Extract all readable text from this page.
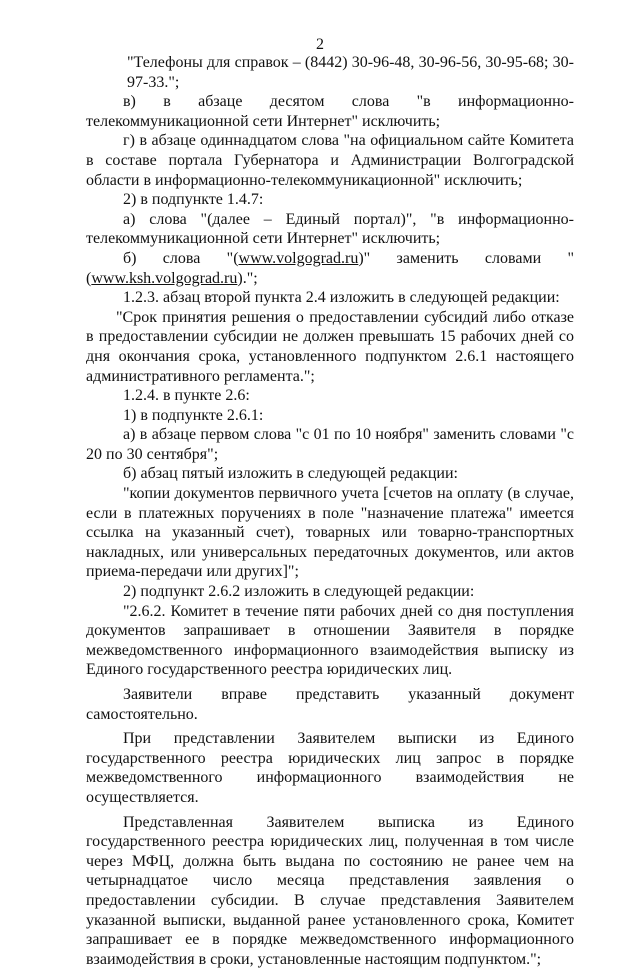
2

"Телефоны для справок – (8442) 30-96-48, 30-96-56, 30-95-68; 30-97-33.";

в) в абзаце десятом слова "в информационно-телекоммуникационной сети Интернет" исключить;

г) в абзаце одиннадцатом слова "на официальном сайте Комитета в составе портала Губернатора и Администрации Волгоградской области в информационно-телекоммуникационной" исключить;

2) в подпункте 1.4.7:

а) слова "(далее – Единый портал)", "в информационно-телекоммуникационной сети Интернет" исключить;

б) слова "(www.volgograd.ru)" заменить словами "(www.ksh.volgograd.ru).";

1.2.3. абзац второй пункта 2.4 изложить в следующей редакции:

"Срок принятия решения о предоставлении субсидий либо отказе в предоставлении субсидии не должен превышать 15 рабочих дней со дня окончания срока, установленного подпунктом 2.6.1 настоящего административного регламента.";

1.2.4. в пункте 2.6:

1) в подпункте 2.6.1:

а) в абзаце первом слова "с 01 по 10 ноября" заменить словами "с 20 по 30 сентября";

б) абзац пятый изложить в следующей редакции:

"копии документов первичного учета [счетов на оплату (в случае, если в платежных поручениях в поле "назначение платежа" имеется ссылка на указанный счет), товарных или товарно-транспортных накладных, или универсальных передаточных документов, или актов приема-передачи или других]";

2) подпункт 2.6.2 изложить в следующей редакции:

"2.6.2. Комитет в течение пяти рабочих дней со дня поступления документов запрашивает в отношении Заявителя в порядке межведомственного информационного взаимодействия выписку из Единого государственного реестра юридических лиц.

Заявители вправе представить указанный документ самостоятельно.

При представлении Заявителем выписки из Единого государственного реестра юридических лиц запрос в порядке межведомственного информационного взаимодействия не осуществляется.

Представленная Заявителем выписка из Единого государственного реестра юридических лиц, полученная в том числе через МФЦ, должна быть выдана по состоянию не ранее чем на четырнадцатое число месяца представления заявления о предоставлении субсидии. В случае представления Заявителем указанной выписки, выданной ранее установленного срока, Комитет запрашивает ее в порядке межведомственного информационного взаимодействия в сроки, установленные настоящим подпунктом.";
